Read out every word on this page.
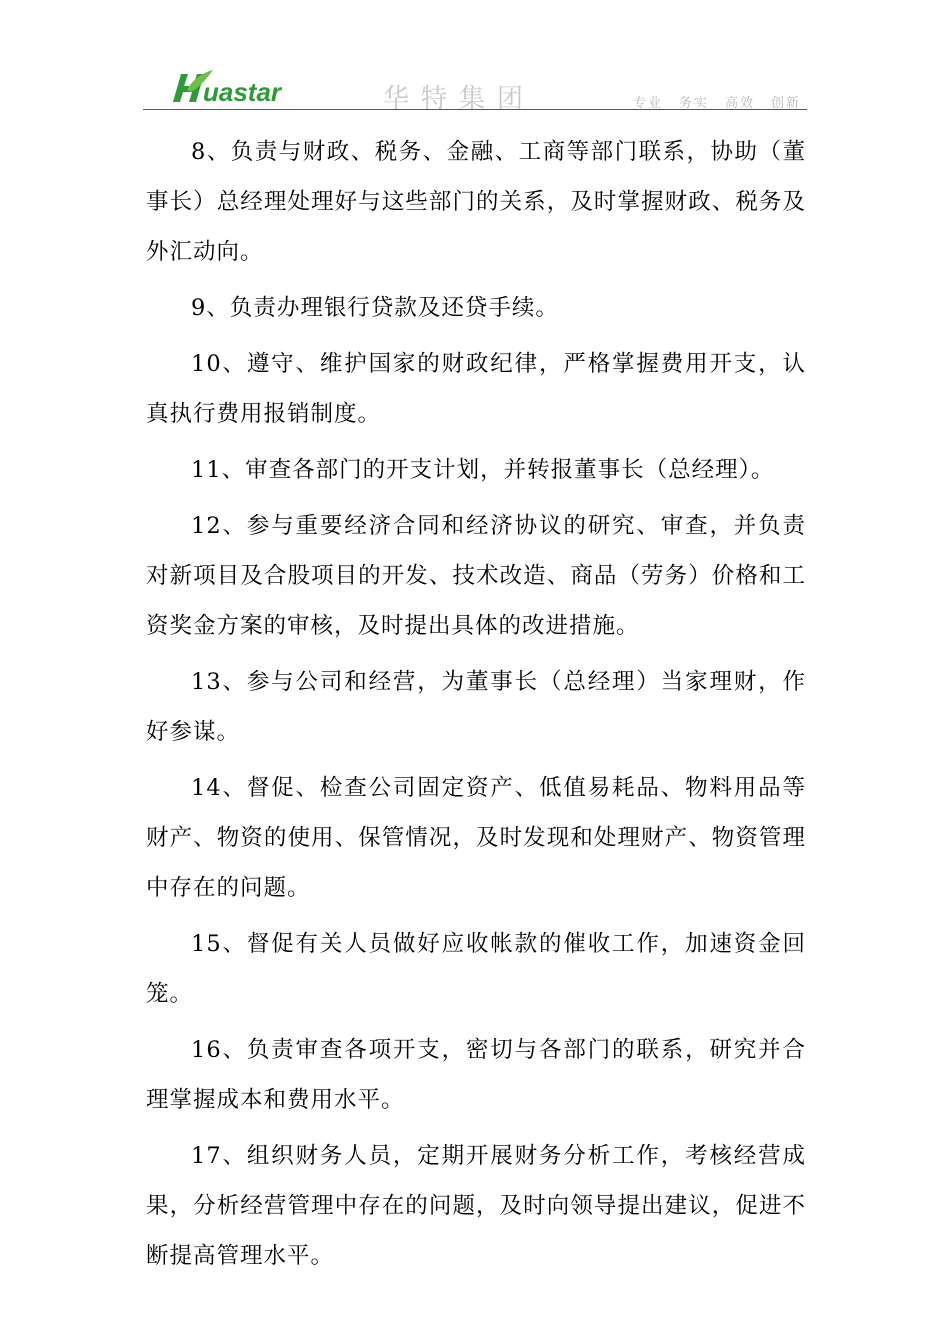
uastar	华特集团	专业 务实 高效 创新

8、负责与财政、税务、金融、工商等部门联系，协助（董事长）总经理处理好与这些部门的关系，及时掌握财政、税务及外汇动向。

9、负责办理银行贷款及还贷手续。

10、遵守、维护国家的财政纪律，严格掌握费用开支，认真执行费用报销制度。

11、审查各部门的开支计划，并转报董事长（总经理）。

12、参与重要经济合同和经济协议的研究、审查，并负责对新项目及合股项目的开发、技术改造、商品（劳务）价格和工资奖金方案的审核，及时提出具体的改进措施。

13、参与公司和经营，为董事长（总经理）当家理财，作好参谋。

14、督促、检查公司固定资产、低值易耗品、物料用品等财产、物资的使用、保管情况，及时发现和处理财产、物资管理中存在的问题。

15、督促有关人员做好应收帐款的催收工作，加速资金回笼。

16、负责审查各项开支，密切与各部门的联系，研究并合理掌握成本和费用水平。

17、组织财务人员，定期开展财务分析工作，考核经营成果，分析经营管理中存在的问题，及时向领导提出建议，促进不断提高管理水平。
